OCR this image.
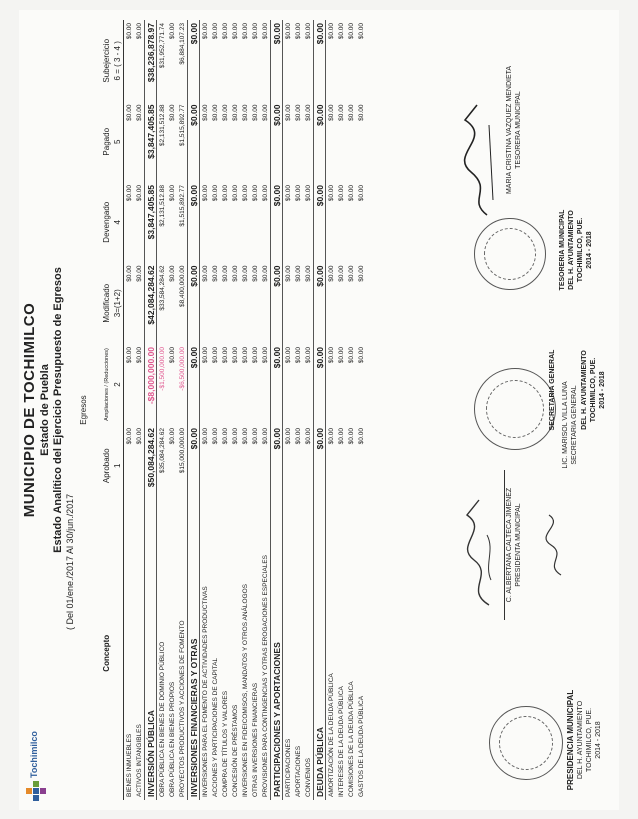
Tochimilco
MUNICIPIO DE TOCHIMILCO Estado de Puebla Estado Analítico del Ejercicio Presupuesto de Egresos
( Del 01/ene./2017 Al 30/jun./2017
Egresos
Concepto	Aprobado	Ampliaciones / (Reducciones)	Modificado	Devengado	Pagado	Subejercicio
	1	2	3=(1+2)	4	5	6 = ( 3 - 4 )
BIENES INMUEBLES	$0.00	$0.00	$0.00	$0.00	$0.00	$0.00
ACTIVOS INTANGIBLES	$0.00	$0.00	$0.00	$0.00	$0.00	$0.00
INVERSIÓN PÚBLICA	$50,084,284.62	-$8,000,000.00	$42,084,284.62	$3,847,405.85	$3,847,405.85	$38,236,878.97
OBRA PÚBLICA EN BIENES DE DOMINIO PÚBLICO	$35,084,284.62	-$1,500,000.00	$33,584,284.62	$2,131,512.88	$2,131,512.88	$31,952,771.74
OBRA PÚBLICA EN BIENES PROPIOS	$0.00	$0.00	$0.00	$0.00	$0.00	$0.00
PROYECTOS PRODUCTIVOS Y ACCIONES DE FOMENTO	$15,000,000.00	-$6,500,000.00	$8,400,000.00	$1,515,892.77	$1,515,892.77	$6,884,107.23
INVERSIONES FINANCIERAS Y OTRAS	$0.00	$0.00	$0.00	$0.00	$0.00	$0.00
INVERSIONES PARA EL FOMENTO DE ACTIVIDADES PRODUCTIVAS	$0.00	$0.00	$0.00	$0.00	$0.00	$0.00
ACCIONES Y PARTICIPACIONES DE CAPITAL	$0.00	$0.00	$0.00	$0.00	$0.00	$0.00
COMPRA DE TÍTULOS Y VALORES	$0.00	$0.00	$0.00	$0.00	$0.00	$0.00
CONCESIÓN DE PRÉSTAMOS	$0.00	$0.00	$0.00	$0.00	$0.00	$0.00
INVERSIONES EN FIDEICOMISOS, MANDATOS Y OTROS ANÁLOGOS	$0.00	$0.00	$0.00	$0.00	$0.00	$0.00
OTRAS INVERSIONES FINANCIERAS	$0.00	$0.00	$0.00	$0.00	$0.00	$0.00
PROVISIONES PARA CONTINGENCIAS Y OTRAS EROGACIONES ESPECIALES	$0.00	$0.00	$0.00	$0.00	$0.00	$0.00
PARTICIPACIONES Y APORTACIONES	$0.00	$0.00	$0.00	$0.00	$0.00	$0.00
PARTICIPACIONES	$0.00	$0.00	$0.00	$0.00	$0.00	$0.00
APORTACIONES	$0.00	$0.00	$0.00	$0.00	$0.00	$0.00
CONVENIOS	$0.00	$0.00	$0.00	$0.00	$0.00	$0.00
DEUDA PÚBLICA	$0.00	$0.00	$0.00	$0.00	$0.00	$0.00
AMORTIZACIÓN DE LA DEUDA PÚBLICA	$0.00	$0.00	$0.00	$0.00	$0.00	$0.00
INTERESES DE LA DEUDA PÚBLICA	$0.00	$0.00	$0.00	$0.00	$0.00	$0.00
COMISIONES DE LA DEUDA PÚBLICA	$0.00	$0.00	$0.00	$0.00	$0.00	$0.00
GASTOS DE LA DEUDA PÚBLICA	$0.00	$0.00	$0.00	$0.00	$0.00	$0.00
PRESIDENCIA MUNICIPAL DEL H. AYUNTAMIENTO TOCHIMILCO, PUE. 2014 - 2018
C. ALBERTANA CALTECA JIMENEZ PRESIDENTA MUNICIPAL
LIC. MARISOL VILLA LUNA SECRETARIA GENERAL
SECRETARIA GENERAL	DEL H. AYUNTAMIENTO TOCHIMILCO, PUE. 2014 - 2018
MARIA CRISTINA VAZQUEZ MENDIETA TESORERA MUNICIPAL
TESORERIA MUNICIPAL DEL H. AYUNTAMIENTO TOCHIMILCO, PUE. 2014 - 2018
